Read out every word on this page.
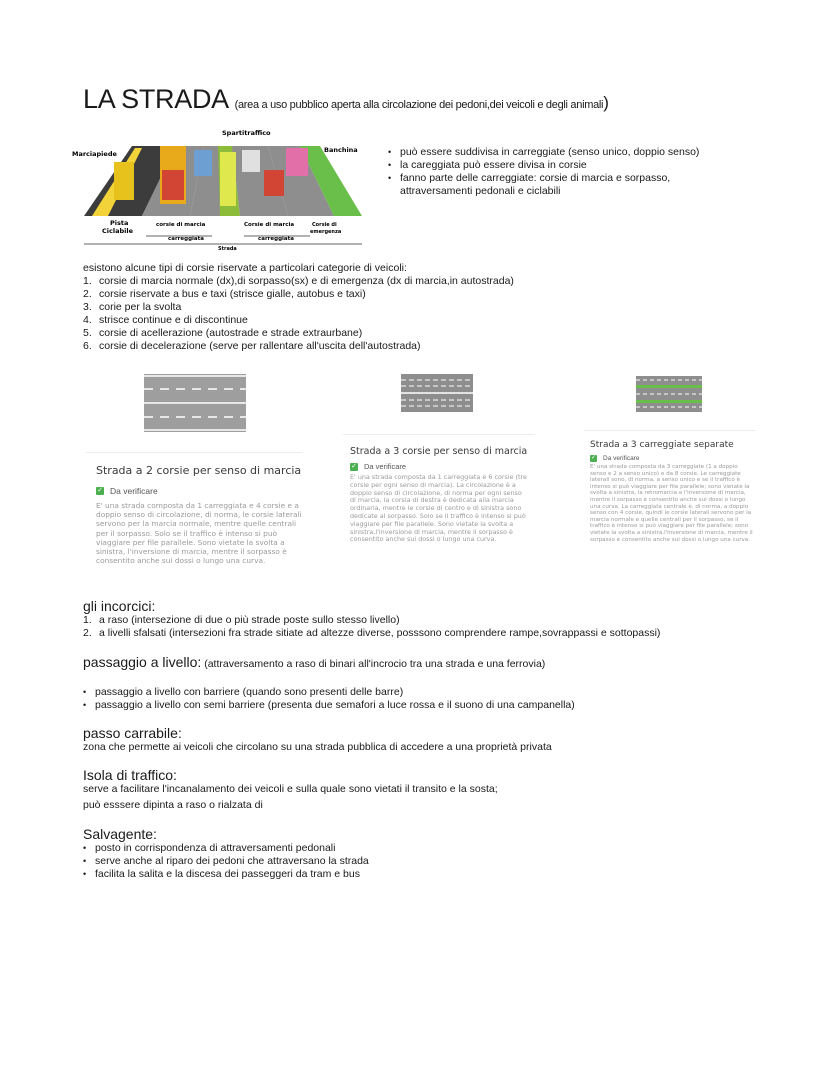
LA STRADA (area a uso pubblico aperta alla circolazione dei pedoni,dei veicoli e degli animali)
Spartitraffico
Marciapiede	Banchina
Pista
Ciclabile
corsie di marcia	Corsie di marcia	Corsie di
emergenza
carreggiata	carreggiata
Strada
• può essere suddivisa in carreggiate (senso unico, doppio senso)
• la careggiata può essere divisa in corsie
• fanno parte delle carreggiate: corsie di marcia e sorpasso, attraversamenti pedonali e ciclabili
esistono alcune tipi di corsie riservate a particolari categorie di veicoli:
1. corsie di marcia normale (dx),di sorpasso(sx) e di emergenza (dx di marcia,in autostrada)
2. corsie riservate a bus e taxi (strisce gialle, autobus e taxi)
3. corie per la svolta
4. strisce continue e di discontinue
5. corsie di acellerazione (autostrade e strade extraurbane)
6. corsie di decelerazione (serve per rallentare all'uscita dell'autostrada)
Strada a 2 corsie per senso di marcia
✓ Da verificare
E' una strada composta da 1 carreggiata e 4 corsie e a doppio senso di circolazione, di norma, le corsie laterali servono per la marcia normale, mentre quelle centrali per il sorpasso. Solo se il traffico è intenso si può viaggiare per file parallele. Sono vietate la svolta a sinistra, l'inversione di marcia, mentre il sorpasso è consentito anche sui dossi o lungo una curva.
Strada a 3 corsie per senso di marcia
✓ Da verificare
E' una strada composta da 1 carreggiata e 6 corsie (tre corsie per ogni senso di marcia). La circolazione è a doppio senso di circolazione, di norma per ogni senso di marcia, la corsia di destra è dedicata alla marcia ordinaria, mentre le corsie di centro e di sinistra sono dedicate al sorpasso. Solo se il traffico è intenso si può viaggiare per file parallele. Sono vietate la svolta a sinistra,l'inversione di marcia, mentre il sorpasso è consentito anche sui dossi o lungo una curva.
Strada a 3 carreggiate separate
✓ Da verificare
E' una strada composta da 3 carreggiate (1 a doppio senso e 2 a senso unico) e da 8 corsie. Le carreggiate laterali sono, di norma, a senso unico e se il traffico è intenso si può viaggiare per file parallele; sono vietate la svolta a sinistra, la retromarcia e l'inversione di marcia, mentre il sorpasso è consentito anche sui dossi o lungo una curva. La carreggiata centrale è, di norma, a doppio senso con 4 corsie, quindi le corsie laterali servono per la marcia normale e quelle centrali per il sorpasso, se il traffico è intenso si può viaggiare per file parallele; sono vietate la svolta a sinistra,l'inversione di marcia, mentre il sorpasso è consentito anche sui dossi o lungo una curva.
gli incorcici:
1. a raso (intersezione di due o più strade poste sullo stesso livello)
2. a livelli sfalsati (intersezioni fra strade sitiate ad altezze diverse, posssono comprendere rampe,sovrappassi e sottopassi)
passaggio a livello: (attraversamento a raso di binari all'incrocio tra una strada e una ferrovia)
• passaggio a livello con barriere (quando sono presenti delle barre)
• passaggio a livello con semi barriere (presenta due semafori a luce rossa e il suono di una campanella)
passo carrabile:
zona che permette ai veicoli che circolano su una strada pubblica di accedere a una proprietà privata
Isola di traffico:
serve a facilitare l'incanalamento dei veicoli e sulla quale sono vietati il transito e la sosta;
può esssere dipinta a raso o rialzata di
Salvagente:
• posto in corrispondenza di attraversamenti pedonali
• serve anche al riparo dei pedoni che attraversano la strada
• facilita la salita e la discesa dei passeggeri da tram e bus
